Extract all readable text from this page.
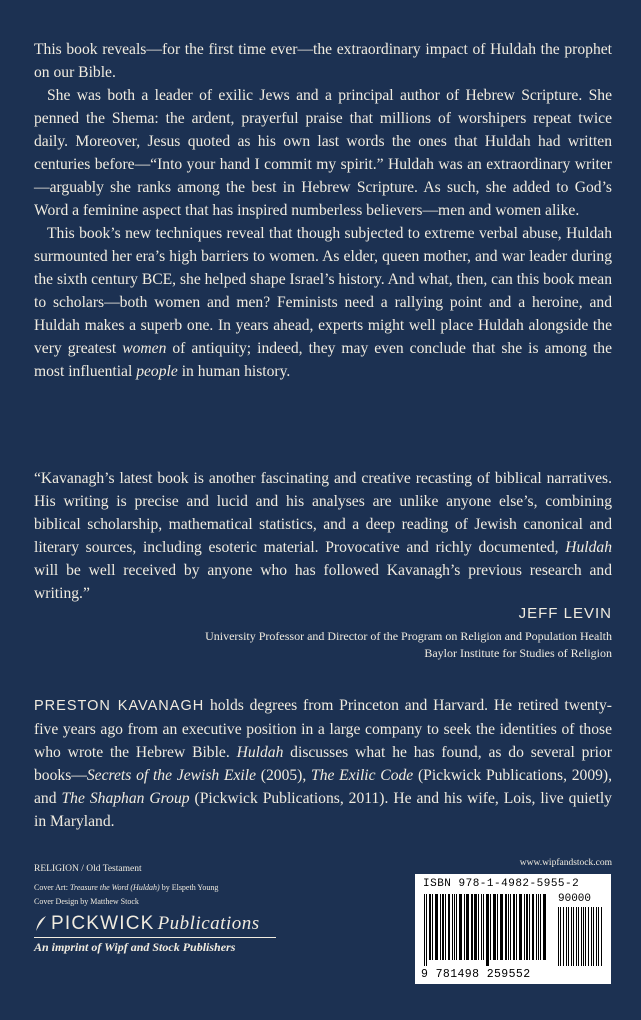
This book reveals—for the first time ever—the extraordinary impact of Huldah the prophet on our Bible.

She was both a leader of exilic Jews and a principal author of Hebrew Scripture. She penned the Shema: the ardent, prayerful praise that millions of worshipers repeat twice daily. Moreover, Jesus quoted as his own last words the ones that Huldah had written centuries before—“Into your hand I commit my spirit.” Huldah was an extraordinary writer—arguably she ranks among the best in Hebrew Scripture. As such, she added to God’s Word a feminine aspect that has inspired numberless believers—men and women alike.

This book’s new techniques reveal that though subjected to extreme verbal abuse, Huldah surmounted her era’s high barriers to women. As elder, queen mother, and war leader during the sixth century BCE, she helped shape Israel’s history. And what, then, can this book mean to scholars—both women and men? Feminists need a rallying point and a heroine, and Huldah makes a superb one. In years ahead, experts might well place Huldah alongside the very greatest women of antiquity; indeed, they may even conclude that she is among the most influential people in human history.

“Kavanagh’s latest book is another fascinating and creative recasting of biblical narratives. His writing is precise and lucid and his analyses are unlike anyone else’s, combining biblical scholarship, mathematical statistics, and a deep reading of Jewish canonical and literary sources, including esoteric material. Provocative and richly documented, Huldah will be well received by anyone who has followed Kavanagh’s previous research and writing.”

JEFF LEVIN
University Professor and Director of the Program on Religion and Population Health
Baylor Institute for Studies of Religion

PRESTON KAVANAGH holds degrees from Princeton and Harvard. He retired twenty-five years ago from an executive position in a large company to seek the identities of those who wrote the Hebrew Bible. Huldah discusses what he has found, as do several prior books—Secrets of the Jewish Exile (2005), The Exilic Code (Pickwick Publications, 2009), and The Shaphan Group (Pickwick Publications, 2011). He and his wife, Lois, live quietly in Maryland.

RELIGION / Old Testament
Cover Art: Treasure the Word (Huldah) by Elspeth Young
Cover Design by Matthew Stock
www.wipfandstock.com
PICKWICK Publications
An imprint of Wipf and Stock Publishers
ISBN 978-1-4982-5955-2
90000
9 781498 259552
